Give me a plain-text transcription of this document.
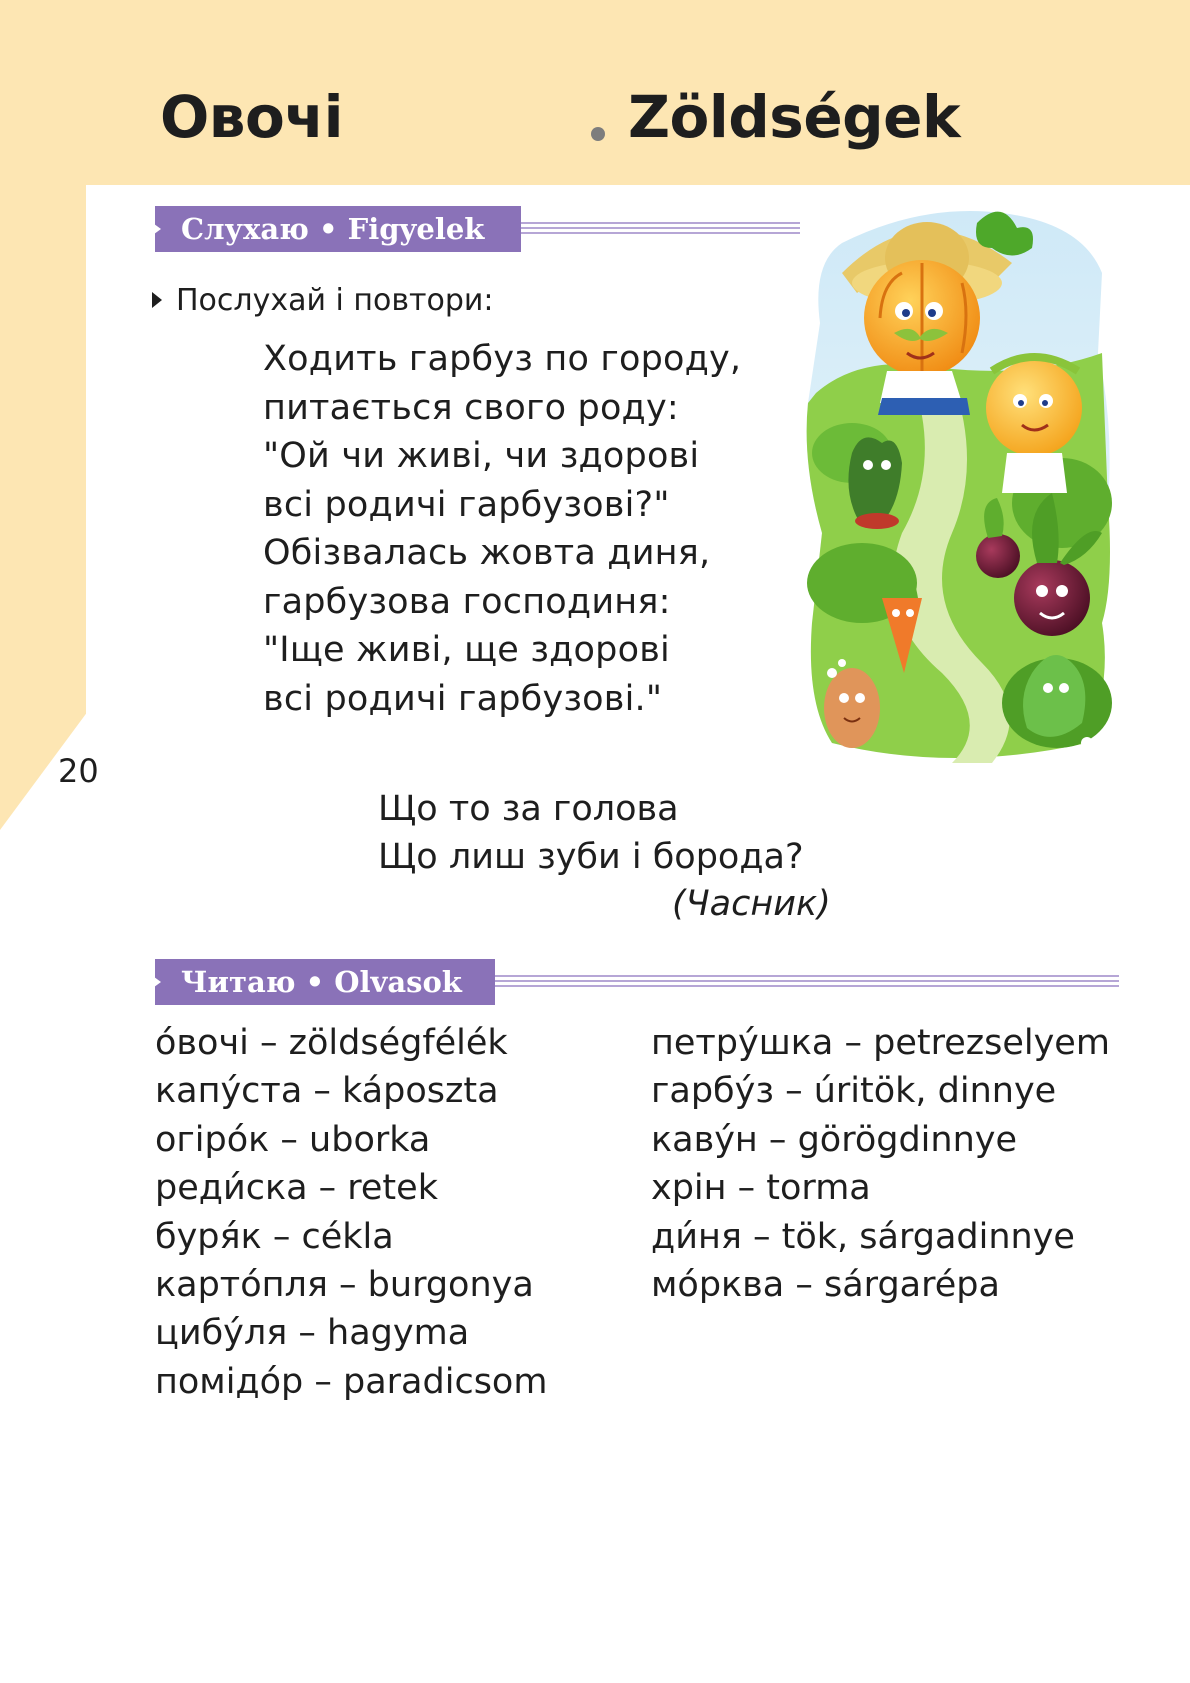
Овочі	Zöldségek
20
Слухаю • Figyelek
Послухай і повтори:
Ходить гарбуз по городу,
питається свого роду:
"Ой чи живі, чи здорові
всі родичі гарбузові?"
Обізвалась жовта диня,
гарбузова господиня:
"Іще живі, ще здорові
всі родичі гарбузові."
Що то за голова
Що лиш зуби і борода?
(Часник)
Читаю • Olvasok
о́вочі – zöldségfélék
капу́ста – káposzta
огіро́к – uborka
реди́ска – retek
буря́к – cékla
карто́пля – burgonya
цибу́ля – hagyma
помідо́р – paradicsom
петру́шка – petrezselyem
гарбу́з – úritök, dinnye
каву́н – görögdinnye
хрін – torma
ди́ня – tök, sárgadinnye
мо́рква – sárgarépa
